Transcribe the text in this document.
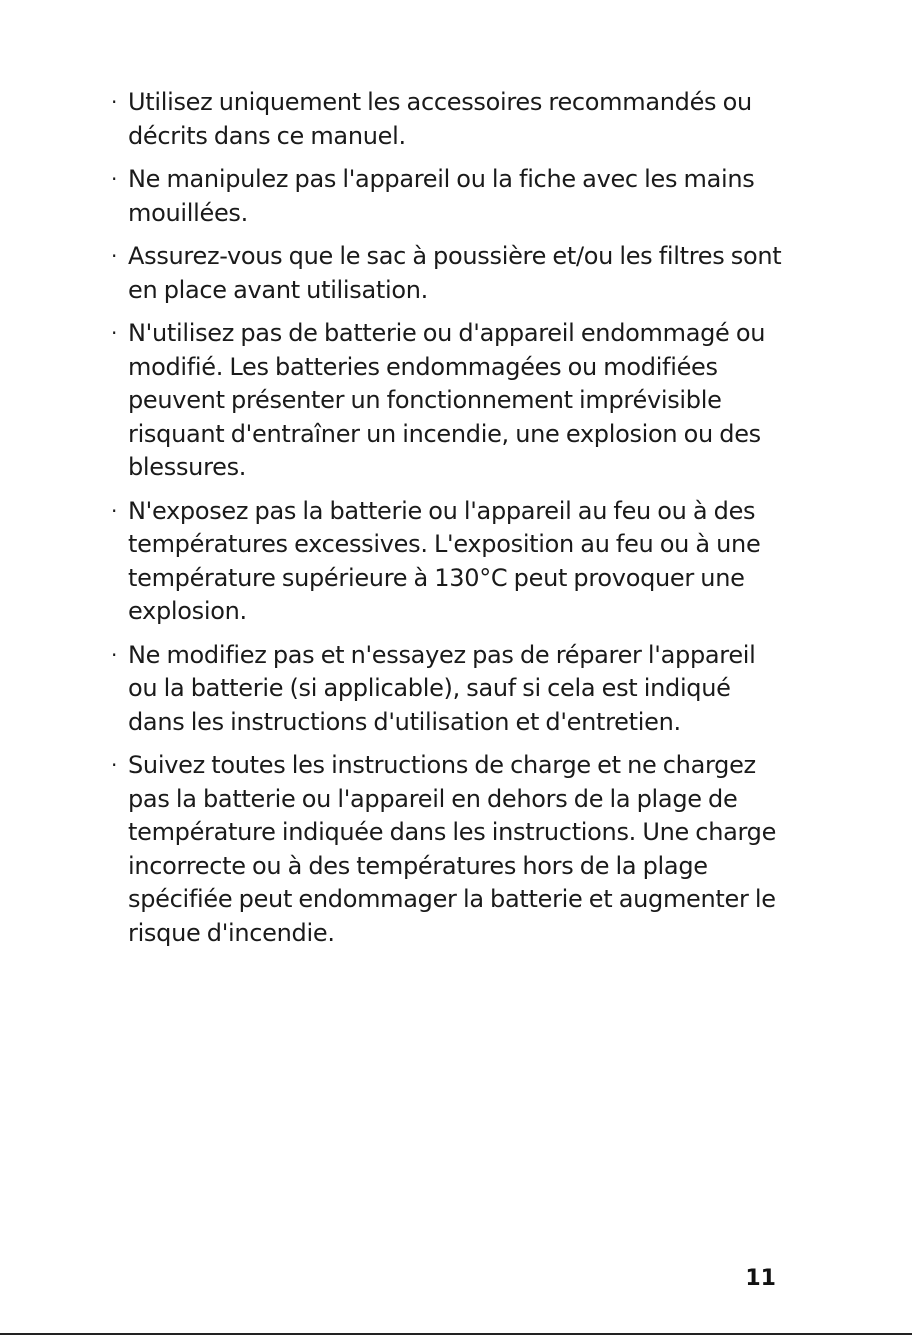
· Utilisez uniquement les accessoires recommandés ou décrits dans ce manuel.
· Ne manipulez pas l'appareil ou la fiche avec les mains mouillées.
· Assurez-vous que le sac à poussière et/ou les filtres sont en place avant utilisation.
· N'utilisez pas de batterie ou d'appareil endommagé ou modifié. Les batteries endommagées ou modifiées peuvent présenter un fonctionnement imprévisible risquant d'entraîner un incendie, une explosion ou des blessures.
· N'exposez pas la batterie ou l'appareil au feu ou à des températures excessives. L'exposition au feu ou à une température supérieure à 130°C peut provoquer une explosion.
· Ne modifiez pas et n'essayez pas de réparer l'appareil ou la batterie (si applicable), sauf si cela est indiqué dans les instructions d'utilisation et d'entretien.
· Suivez toutes les instructions de charge et ne chargez pas la batterie ou l'appareil en dehors de la plage de température indiquée dans les instructions. Une charge incorrecte ou à des températures hors de la plage spécifiée peut endommager la batterie et augmenter le risque d'incendie.
11
